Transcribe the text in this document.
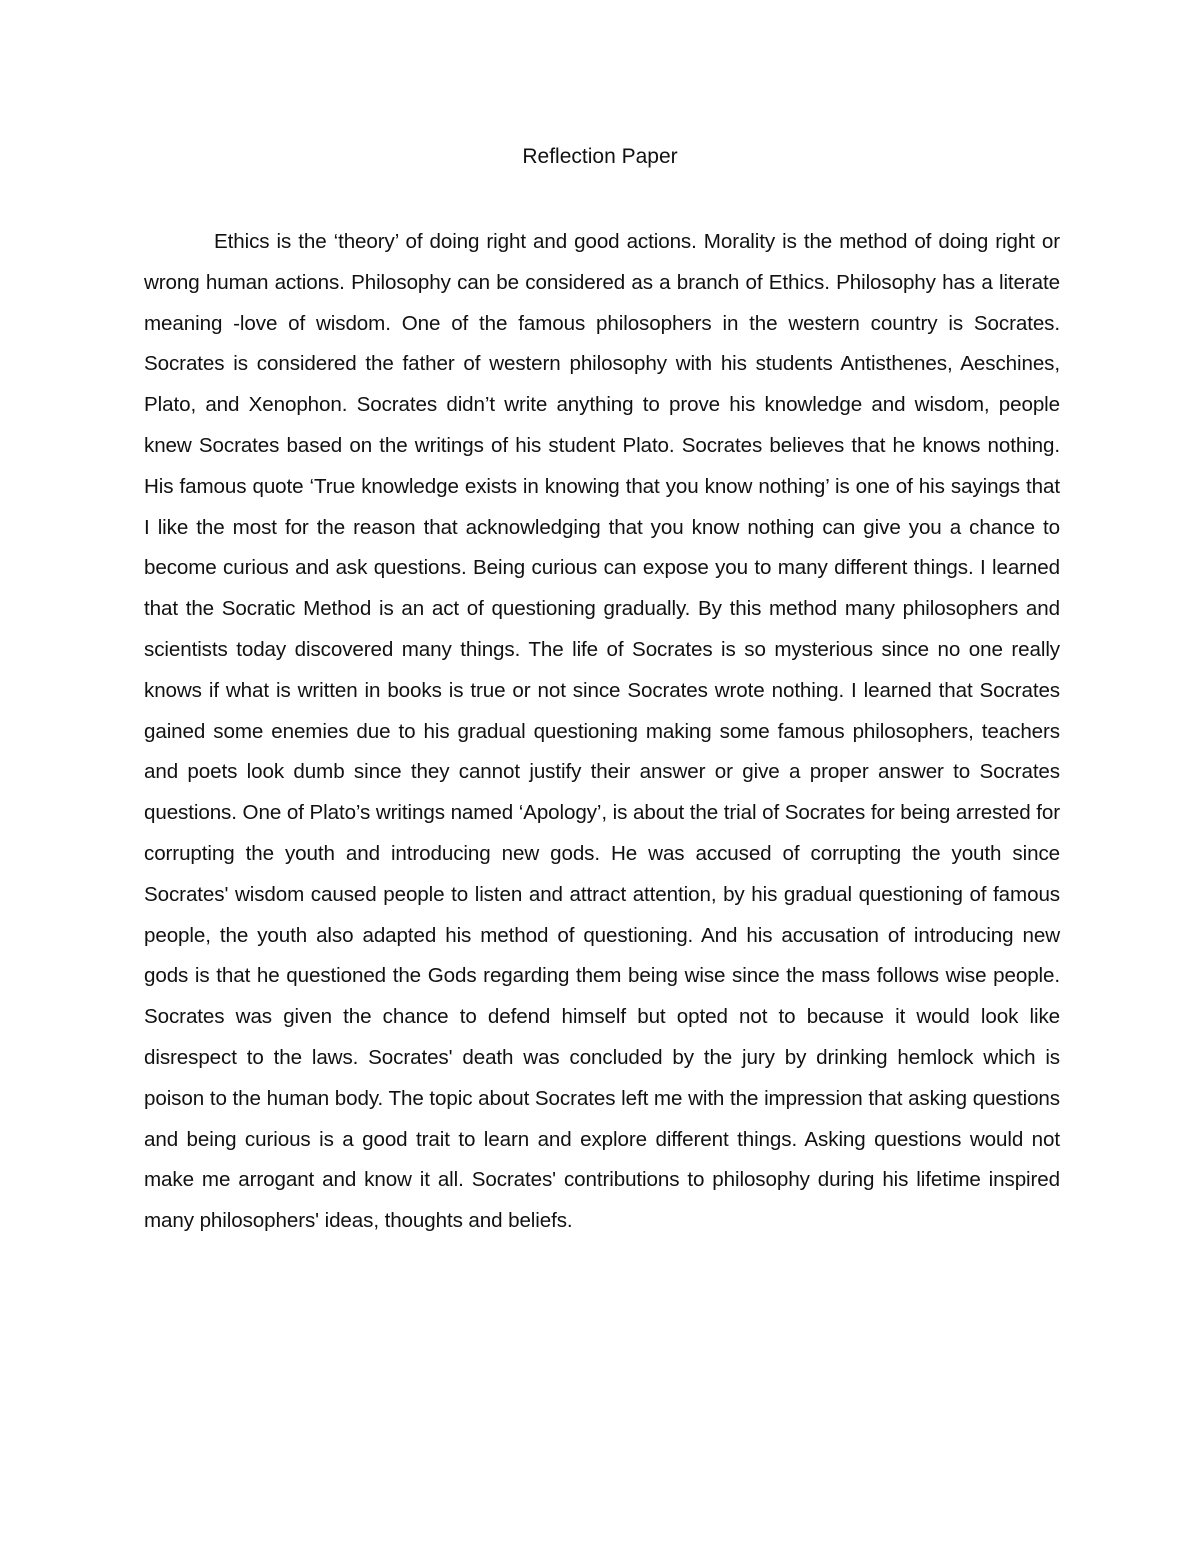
Reflection Paper

Ethics is the ‘theory’ of doing right and good actions. Morality is the method of doing right or wrong human actions. Philosophy can be considered as a branch of Ethics. Philosophy has a literate meaning -love of wisdom. One of the famous philosophers in the western country is Socrates. Socrates is considered the father of western philosophy with his students Antisthenes, Aeschines, Plato, and Xenophon. Socrates didn’t write anything to prove his knowledge and wisdom, people knew Socrates based on the writings of his student Plato. Socrates believes that he knows nothing. His famous quote ‘True knowledge exists in knowing that you know nothing’ is one of his sayings that I like the most for the reason that acknowledging that you know nothing can give you a chance to become curious and ask questions. Being curious can expose you to many different things. I learned that the Socratic Method is an act of questioning gradually. By this method many philosophers and scientists today discovered many things. The life of Socrates is so mysterious since no one really knows if what is written in books is true or not since Socrates wrote nothing. I learned that Socrates gained some enemies due to his gradual questioning making some famous philosophers, teachers and poets look dumb since they cannot justify their answer or give a proper answer to Socrates questions. One of Plato’s writings named ‘Apology’, is about the trial of Socrates for being arrested for corrupting the youth and introducing new gods. He was accused of corrupting the youth since Socrates' wisdom caused people to listen and attract attention, by his gradual questioning of famous people, the youth also adapted his method of questioning. And his accusation of introducing new gods is that he questioned the Gods regarding them being wise since the mass follows wise people. Socrates was given the chance to defend himself but opted not to because it would look like disrespect to the laws. Socrates' death was concluded by the jury by drinking hemlock which is poison to the human body. The topic about Socrates left me with the impression that asking questions and being curious is a good trait to learn and explore different things. Asking questions would not make me arrogant and know it all. Socrates' contributions to philosophy during his lifetime inspired many philosophers' ideas, thoughts and beliefs.
